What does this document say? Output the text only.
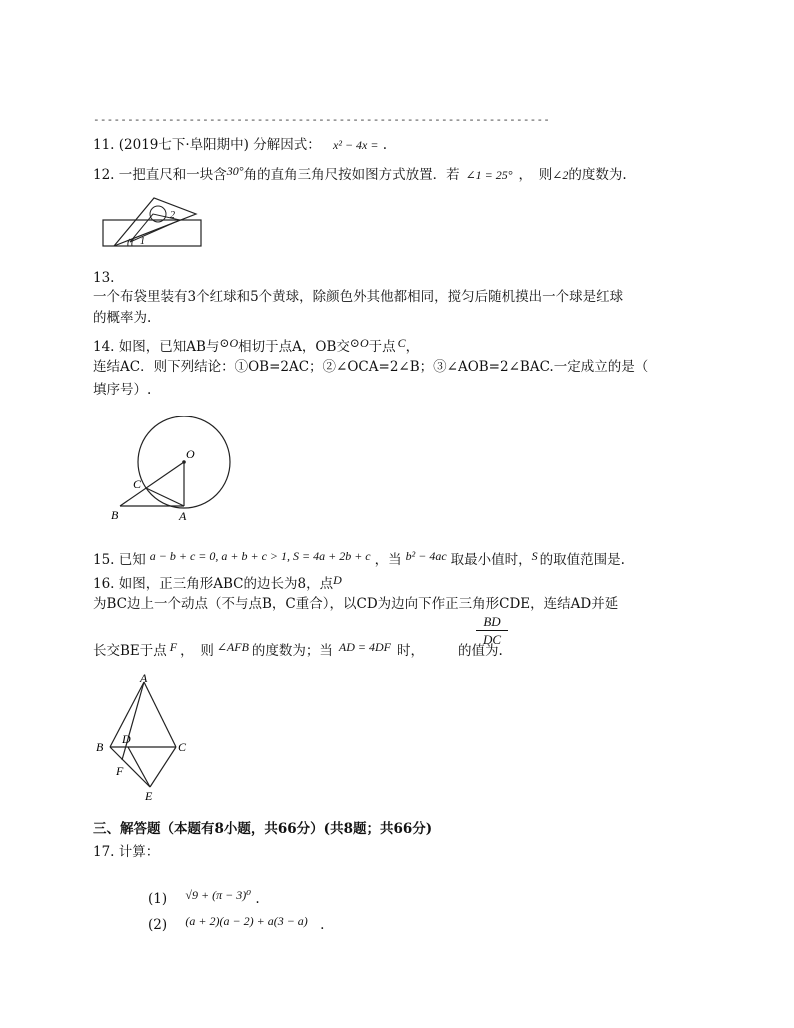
-------------------------------------------------------------------
11. (2019七下·阜阳期中) 分解因式： x² − 4x = .
12. 一把直尺和一块含30°角的直角三角尺按如图方式放置．若 ∠1 = 25° ，　则∠2的度数为.
1
2
13.
一个布袋里装有3个红球和5个黄球，除颜色外其他都相同，搅匀后随机摸出一个球是红球
的概率为.
14. 如图，已知AB与⊙O相切于点A，OB交⊙O于点 C，
连结AC．则下列结论：①OB=2AC；②∠OCA=2∠B；③∠AOB=2∠BAC.一定成立的是（
填序号）.
O
C
B	A
15. 已知 a − b + c = 0, a + b + c > 1, S = 4a + 2b + c ，当 b² − 4ac 取最小值时，S 的取值范围是.
16. 如图，正三角形ABC的边长为8，点D
为BC边上一个动点（不与点B，C重合），以CD为边向下作正三角形CDE，连结AD并延
长交BE于点 F ，　则 ∠AFB 的度数为；当 AD = 4DF 时，	的值为.
$\frac{BD}{DC}$
A
B
D
C
F
E
三、解答题（本题有8小题，共66分）(共8题；共66分)
17. 计算：
(1) √9 + (π − 3)⁰ .
(2) (a + 2)(a − 2) + a(3 − a) .
